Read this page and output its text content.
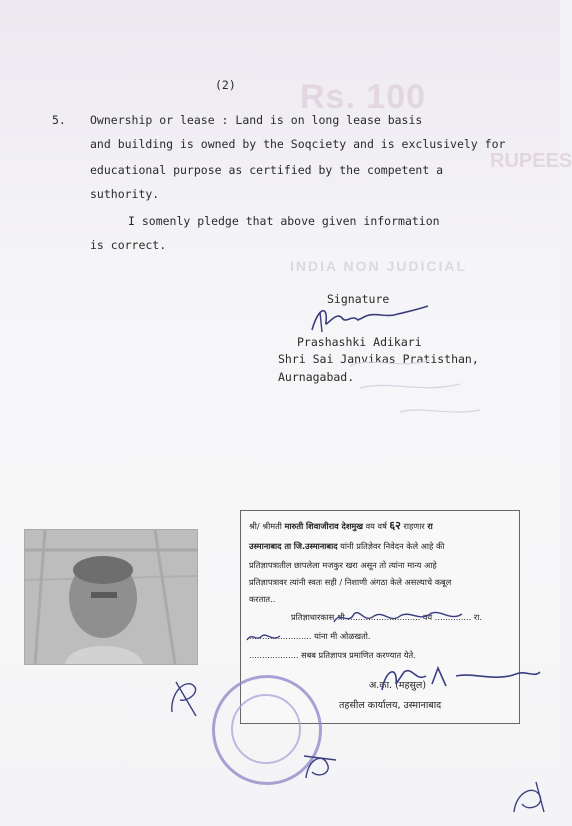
Rs. 100
RUPEES
INDIA NON JUDICIAL
(2)
5. Ownership or lease : Land is on long lease basis
and building is owned by the Soqciety and is exclusively for
educational purpose as certified by the competent a
suthority.
I somenly pledge that above given information
is correct.
Signature
Prashashki Adikari
Shri Sai Janvikas Pratisthan,
Aurnagabad.
श्री/ श्रीमती मारुती शिवाजीराव देशमुख वय वर्ष ६२ राहणार रा
उस्मानाबाद ता जि.उस्मानाबाद यांनी प्रतिज्ञेवर निवेदन केले आहे की
प्रतिज्ञापत्रातील छापलेला मजकुर खरा असून तो त्यांना मान्य आहे
प्रतिज्ञापत्रावर त्यांनी स्वतः सही / निशाणी अंगठा केले असल्याचे कबूल
करतात..
प्रतिज्ञाधारकास श्री ............................ वय .............. रा.
........................ यांना मी ओळखतो.
................... सबब प्रतिज्ञापत्र प्रमाणित करण्यात येते.
अ.का. (महसुल)
तहसील कार्यालय, उस्मानाबाद
